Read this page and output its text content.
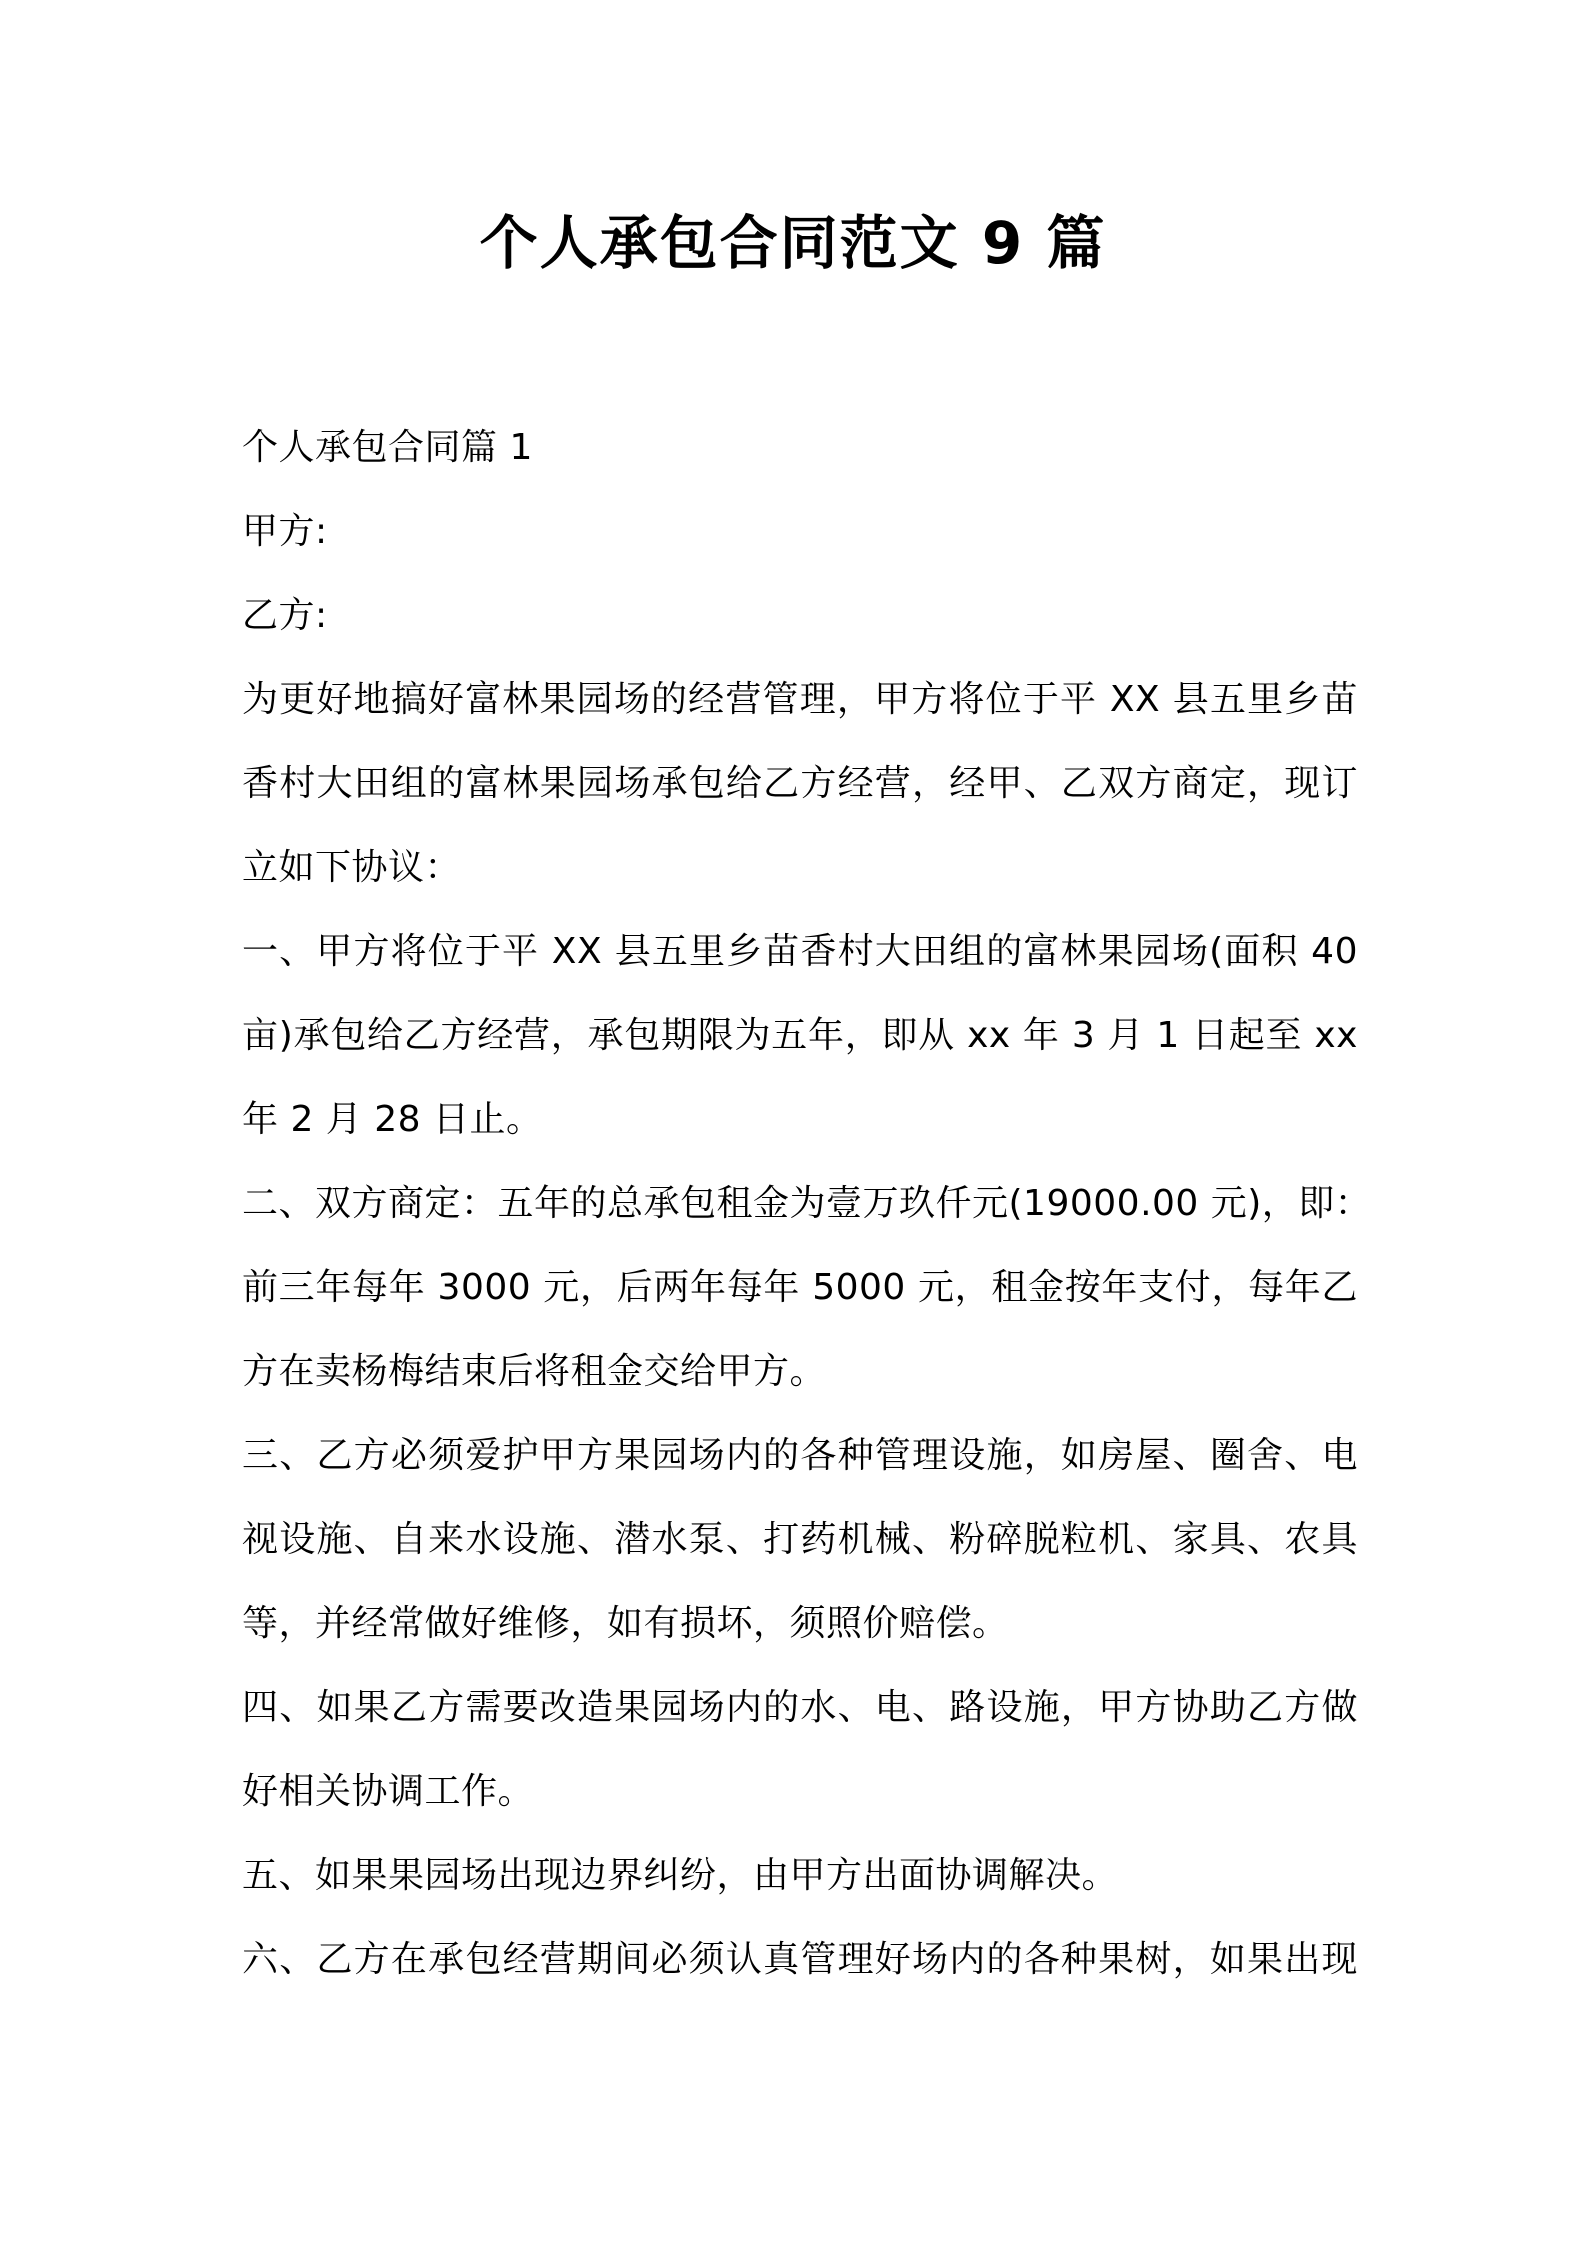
个人承包合同范文 9 篇
个人承包合同篇 1
甲方:
乙方:
为更好地搞好富林果园场的经营管理，甲方将位于平 XX 县五里乡苗
香村大田组的富林果园场承包给乙方经营，经甲、乙双方商定，现订
立如下协议：
一、甲方将位于平 XX 县五里乡苗香村大田组的富林果园场(面积 40
亩)承包给乙方经营，承包期限为五年，即从 xx 年 3 月 1 日起至 xx
年 2 月 28 日止。
二、双方商定：五年的总承包租金为壹万玖仟元(19000.00 元)，即：
前三年每年 3000 元，后两年每年 5000 元，租金按年支付，每年乙
方在卖杨梅结束后将租金交给甲方。
三、乙方必须爱护甲方果园场内的各种管理设施，如房屋、圈舍、电
视设施、自来水设施、潜水泵、打药机械、粉碎脱粒机、家具、农具
等，并经常做好维修，如有损坏，须照价赔偿。
四、如果乙方需要改造果园场内的水、电、路设施，甲方协助乙方做
好相关协调工作。
五、如果果园场出现边界纠纷，由甲方出面协调解决。
六、乙方在承包经营期间必须认真管理好场内的各种果树，如果出现
